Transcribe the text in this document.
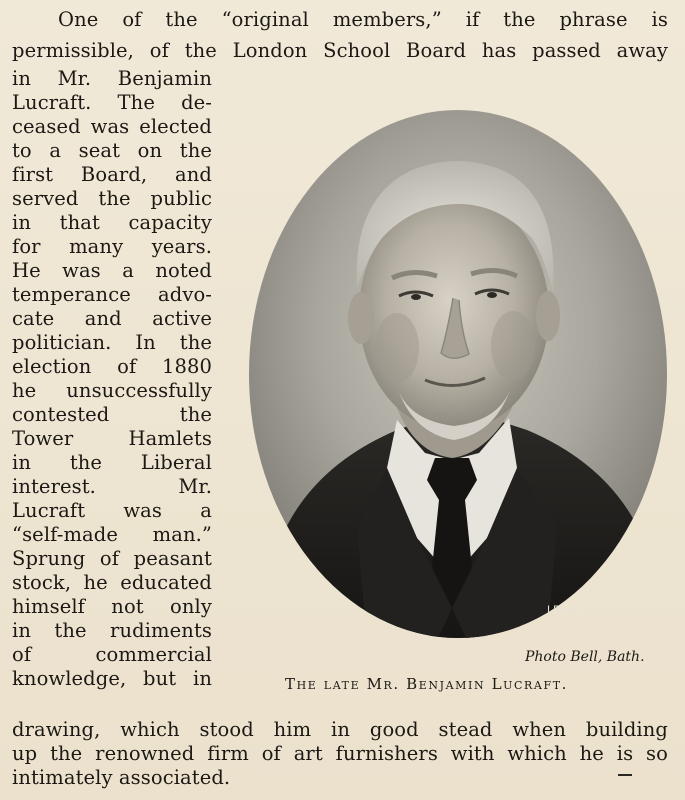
One of the “original members,” if the phrase is
permissible, of the London School Board has passed away
in Mr. Benjamin
Lucraft. The de-
ceased was elected
to a seat on the
first Board, and
served the public
in that capacity
for many years.
He was a noted
temperance advo-
cate and active
politician. In the
election of 1880
he unsuccessfully
contested the
Tower Hamlets
in the Liberal
interest. Mr.
Lucraft was a
“self-made man.”
Sprung of peasant
stock, he educated
himself not only
in the rudiments
of commercial
knowledge, but in
drawing, which stood him in good stead when building
up the renowned firm of art furnishers with which he is so
intimately associated.
I.BK FE
Photo Bell, Bath.
The late Mr. Benjamin Lucraft.
